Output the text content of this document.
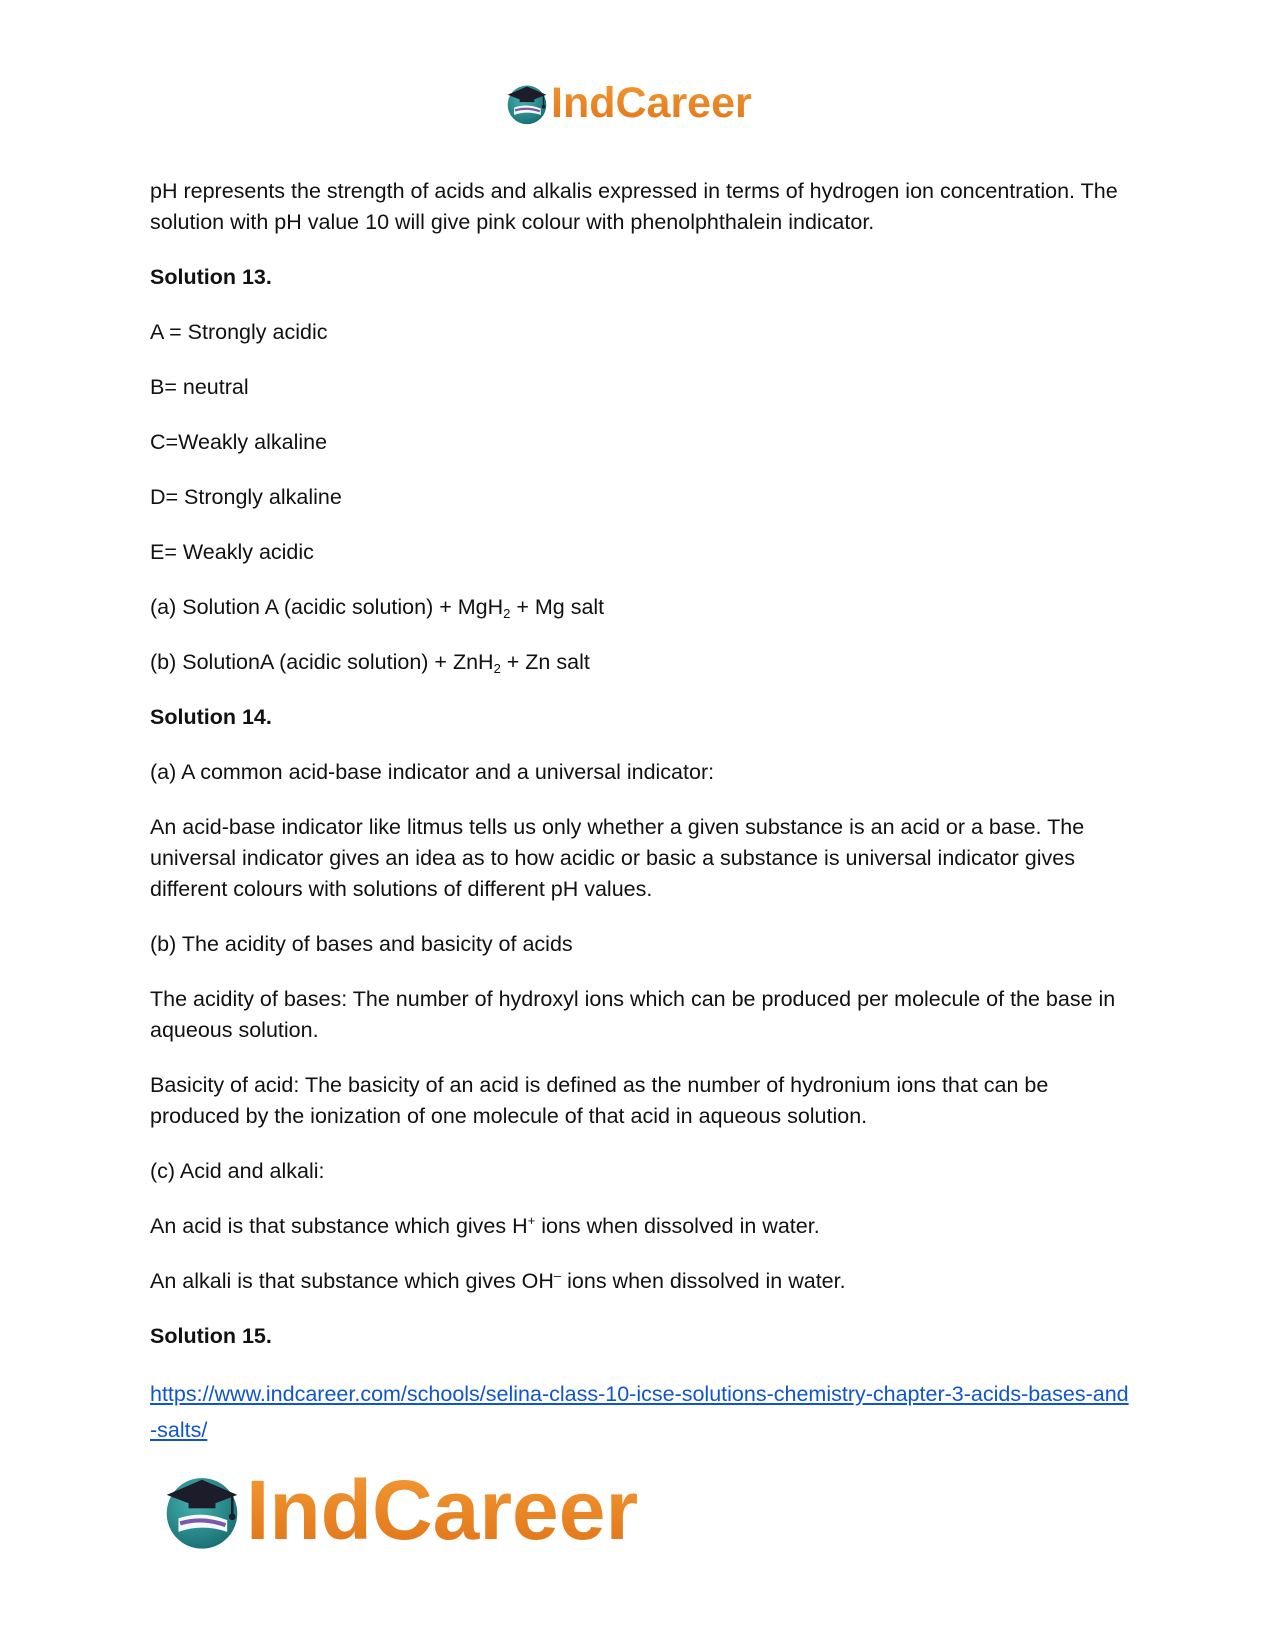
IndCareer

pH represents the strength of acids and alkalis expressed in terms of hydrogen ion concentration. The solution with pH value 10 will give pink colour with phenolphthalein indicator.

Solution 13.

A = Strongly acidic

B= neutral

C=Weakly alkaline

D= Strongly alkaline

E= Weakly acidic

(a) Solution A (acidic solution) + MgH$_2$ + Mg salt

(b) SolutionA (acidic solution) + ZnH$_2$ + Zn salt

Solution 14.

(a) A common acid-base indicator and a universal indicator:

An acid-base indicator like litmus tells us only whether a given substance is an acid or a base. The universal indicator gives an idea as to how acidic or basic a substance is universal indicator gives different colours with solutions of different pH values.

(b) The acidity of bases and basicity of acids

The acidity of bases: The number of hydroxyl ions which can be produced per molecule of the base in aqueous solution.

Basicity of acid: The basicity of an acid is defined as the number of hydronium ions that can be produced by the ionization of one molecule of that acid in aqueous solution.

(c) Acid and alkali:

An acid is that substance which gives H+ ions when dissolved in water.

An alkali is that substance which gives OH– ions when dissolved in water.

Solution 15.

https://www.indcareer.com/schools/selina-class-10-icse-solutions-chemistry-chapter-3-acids-bases-and-salts/

IndCareer
